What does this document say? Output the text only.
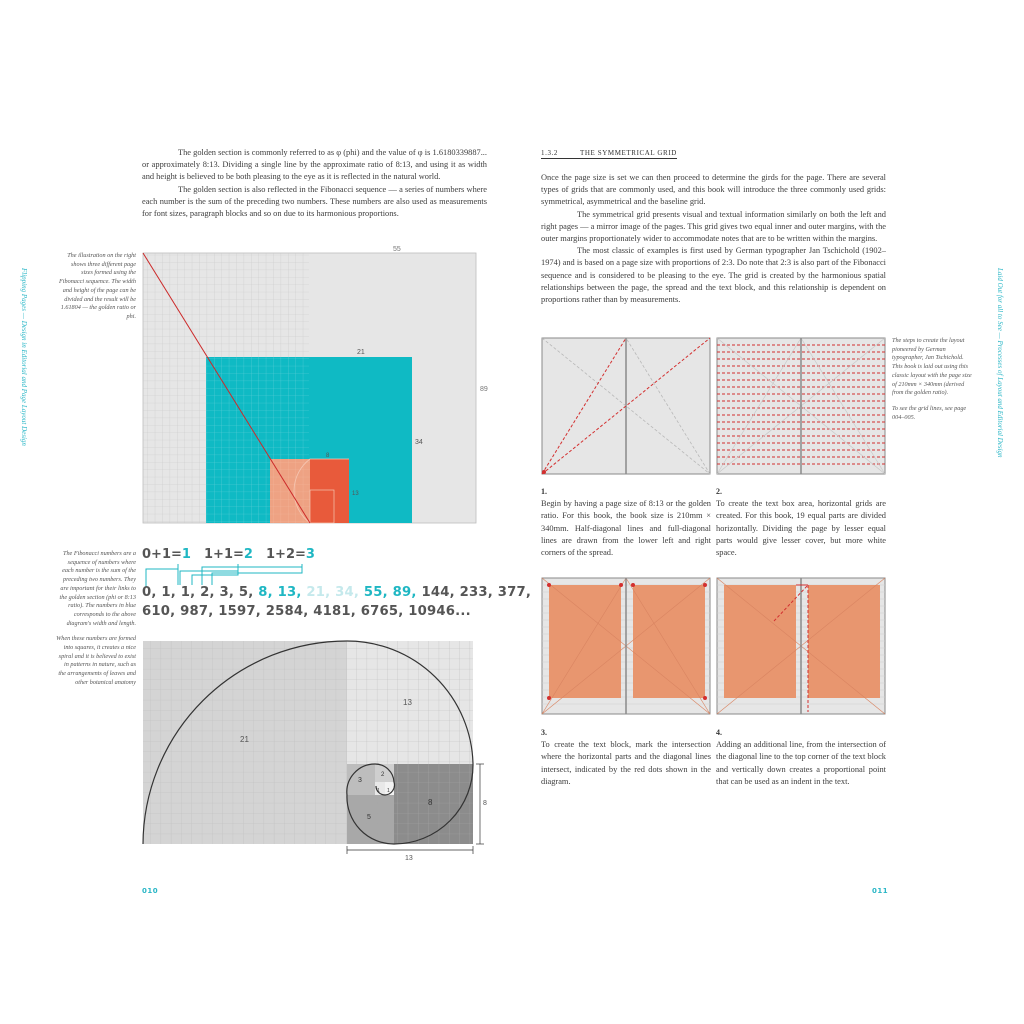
Flipping Pages — Design in Editorial and Page Layout Design

The golden section is commonly referred to as φ (phi) and the value of φ is 1.6180339887... or approximately 8:13. Dividing a single line by the approximate ratio of 8:13, and using it as width and height is believed to be both pleasing to the eye as it is reflected in the natural world.

The golden section is also reflected in the Fibonacci sequence — a series of numbers where each number is the sum of the preceding two numbers. These numbers are also used as measurements for font sizes, paragraph blocks and so on due to its harmonious proportions.

The illustration on the right shows three different page sizes formed using the Fibonacci sequence. The width and height of the page can be divided and the result will be 1.61804 — the golden ratio or phi.

55
89
21
34
8
13

The Fibonacci numbers are a sequence of numbers where each number is the sum of the preceding two numbers. They are important for their links to the golden section (phi or 8:13 ratio). The numbers in blue corresponds to the above diagram's width and length.

When these numbers are formed into squares, it creates a nice spiral and it is believed to exist in patterns in nature, such as the arrangements of leaves and other botanical anatomy

0+1=1 1+1=2 1+2=3
0, 1, 1, 2, 3, 5, 8, 13, 21, 34, 55, 89, 144, 233, 377,
610, 987, 1597, 2584, 4181, 6765, 10946...
21
13
8
5
3
2
1 1
8
13
010
Laid Out for all to See — Processes of Layout and Editorial Design
1.3.2	THE SYMMETRICAL GRID

Once the page size is set we can then proceed to determine the girds for the page. There are several types of grids that are commonly used, and this book will introduce the three commonly used grids: symmetrical, asymmetrical and the baseline grid.

The symmetrical grid presents visual and textual information similarly on both the left and right pages — a mirror image of the pages. This grid gives two equal inner and outer margins, with the outer margins proportionately wider to accommodate notes that are to be written within the margins.

The most classic of examples is first used by German typographer Jan Tschichold (1902–1974) and is based on a page size with proportions of 2:3. Do note that 2:3 is also part of the Fibonacci sequence and is considered to be pleasing to the eye. The grid is created by the harmonious spatial relationships between the page, the spread and the text block, and this relationship is dependent on proportions rather than by measurements.

The steps to create the layout pioneered by German typographer, Jan Tschichold. This book is laid out using this classic layout with the page size of 210mm × 340mm (derived from the golden ratio).

To see the grid lines, see page 004–005.

1.
Begin by having a page size of 8:13 or the golden ratio. For this book, the book size is 210mm × 340mm. Half-diagonal lines and full-diagonal lines are drawn from the lower left and right corners of the spread.
2.
To create the text box area, horizontal grids are created. For this book, 19 equal parts are divided horizontally. Dividing the page by lesser equal parts would give lesser cover, but more white space.
3.
To create the text block, mark the intersection where the horizontal parts and the diagonal lines intersect, indicated by the red dots shown in the diagram.
4.
Adding an additional line, from the intersection of the diagonal line to the top corner of the text block and vertically down creates a proportional point that can be used as an indent in the text.
011
